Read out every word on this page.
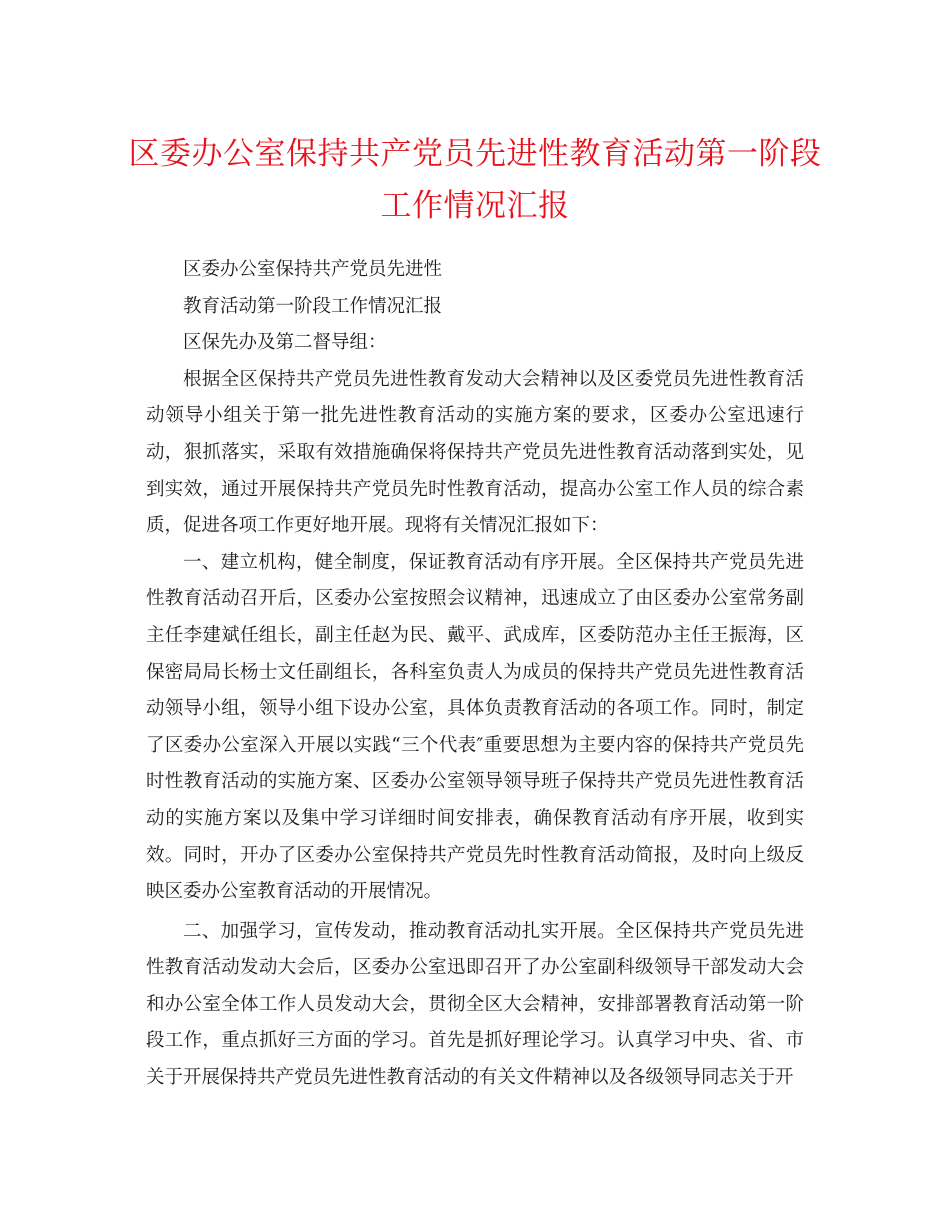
区委办公室保持共产党员先进性教育活动第一阶段工作情况汇报

区委办公室保持共产党员先进性

教育活动第一阶段工作情况汇报

区保先办及第二督导组：

根据全区保持共产党员先进性教育发动大会精神以及区委党员先进性教育活动领导小组关于第一批先进性教育活动的实施方案的要求，区委办公室迅速行动，狠抓落实，采取有效措施确保将保持共产党员先进性教育活动落到实处，见到实效，通过开展保持共产党员先时性教育活动，提高办公室工作人员的综合素质，促进各项工作更好地开展。现将有关情况汇报如下：

一、建立机构，健全制度，保证教育活动有序开展。全区保持共产党员先进性教育活动召开后，区委办公室按照会议精神，迅速成立了由区委办公室常务副主任李建斌任组长，副主任赵为民、戴平、武成库，区委防范办主任王振海，区保密局局长杨士文任副组长，各科室负责人为成员的保持共产党员先进性教育活动领导小组，领导小组下设办公室，具体负责教育活动的各项工作。同时，制定了区委办公室深入开展以实践“三个代表″重要思想为主要内容的保持共产党员先时性教育活动的实施方案、区委办公室领导领导班子保持共产党员先进性教育活动的实施方案以及集中学习详细时间安排表，确保教育活动有序开展，收到实效。同时，开办了区委办公室保持共产党员先时性教育活动简报，及时向上级反映区委办公室教育活动的开展情况。

二、加强学习，宣传发动，推动教育活动扎实开展。全区保持共产党员先进性教育活动发动大会后，区委办公室迅即召开了办公室副科级领导干部发动大会和办公室全体工作人员发动大会，贯彻全区大会精神，安排部署教育活动第一阶段工作，重点抓好三方面的学习。首先是抓好理论学习。认真学习中央、省、市关于开展保持共产党员先进性教育活动的有关文件精神以及各级领导同志关于开
